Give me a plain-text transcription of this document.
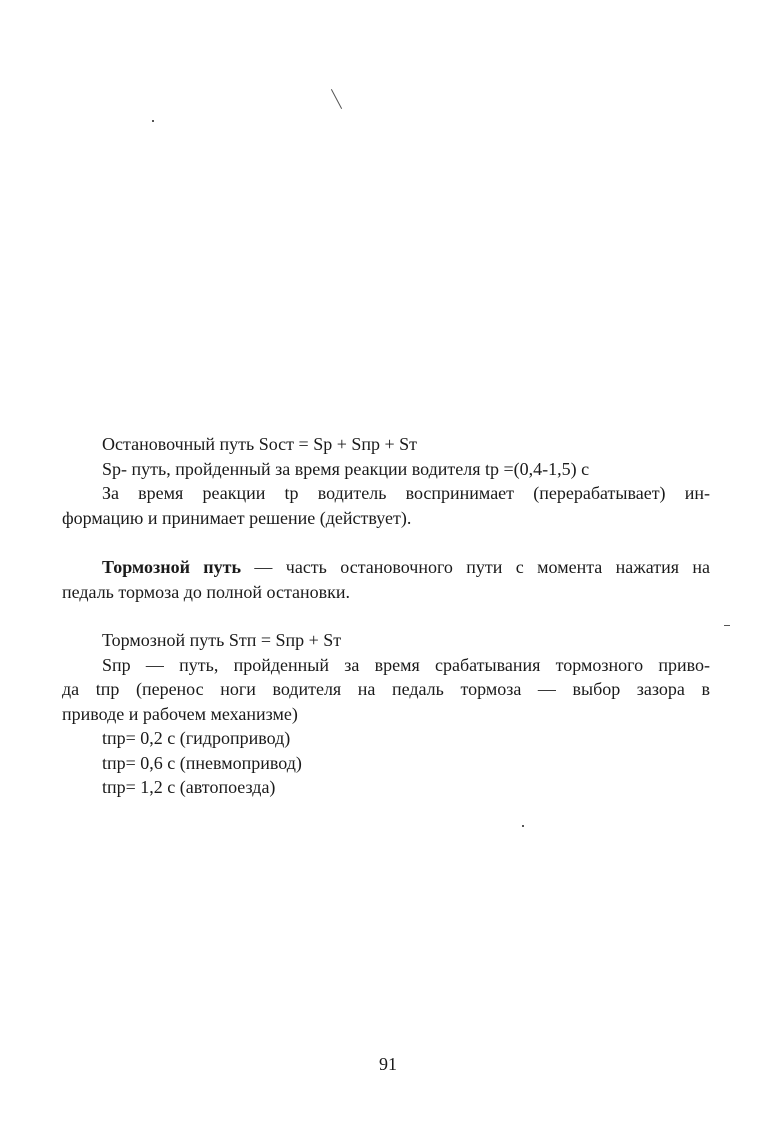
Остановочный путь Sост = Sр + Sпр + Sт

Sр- путь, пройденный за время реакции водителя tр =(0,4-1,5) с

За время реакции tр водитель воспринимает (перерабатывает) ин-

формацию и принимает решение (действует).

Тормозной путь — часть остановочного пути с момента нажатия на

педаль тормоза до полной остановки.

Тормозной путь Sтп = Sпр + Sт

Sпр — путь, пройденный за время срабатывания тормозного приво-

да tпр (перенос ноги водителя на педаль тормоза — выбор зазора в

приводе и рабочем механизме)

tпр= 0,2 с (гидропривод)

tпр= 0,6 с (пневмопривод)

tпр= 1,2 с (автопоезда)

91
